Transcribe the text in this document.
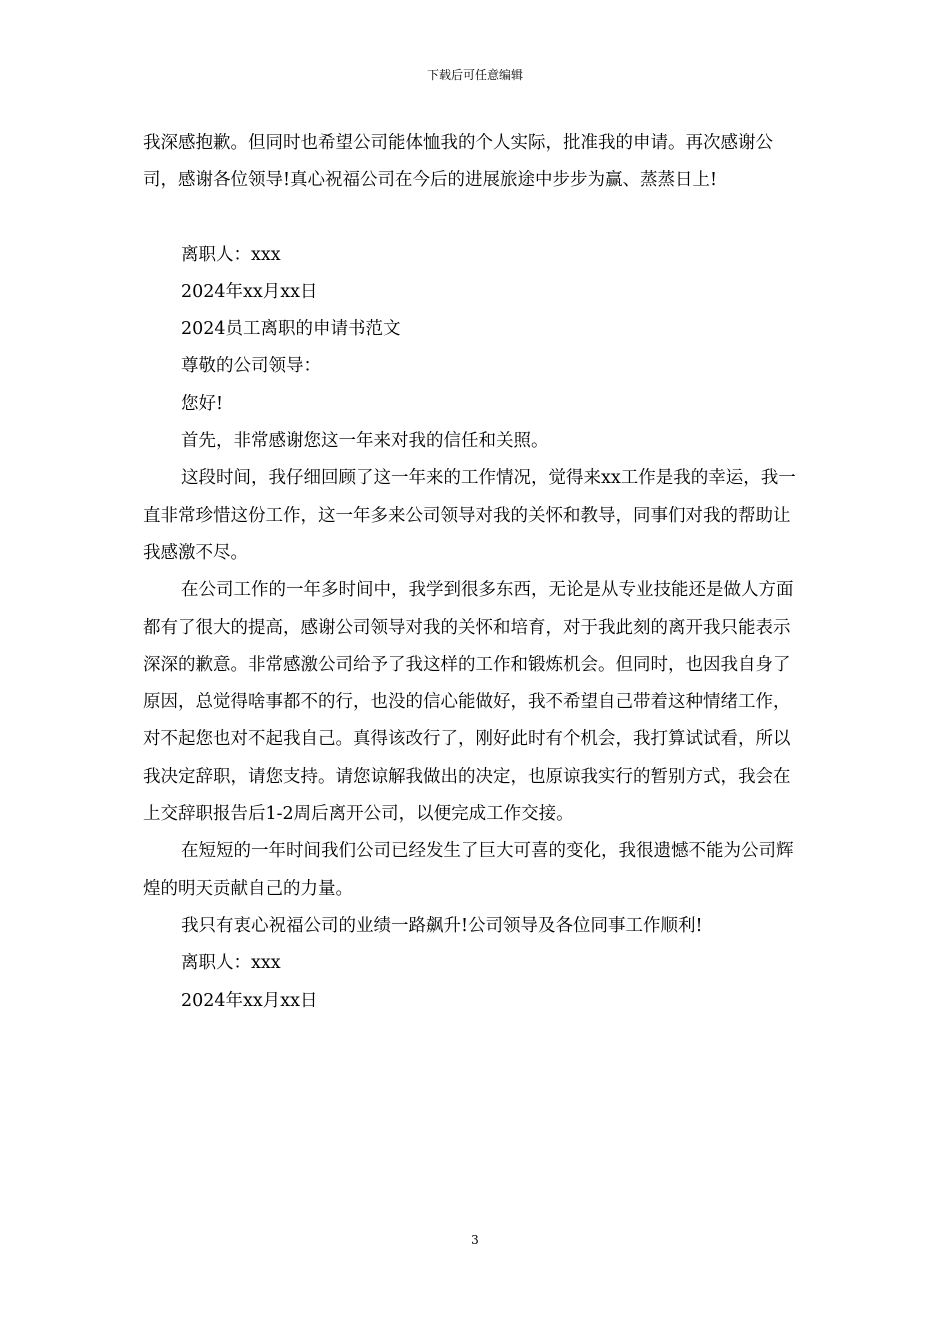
下载后可任意编辑

我深感抱歉。但同时也希望公司能体恤我的个人实际，批准我的申请。再次感谢公司，感谢各位领导!真心祝福公司在今后的进展旅途中步步为赢、蒸蒸日上!

离职人：xxx

2024年xx月xx日

2024员工离职的申请书范文

尊敬的公司领导：

您好!

首先，非常感谢您这一年来对我的信任和关照。

这段时间，我仔细回顾了这一年来的工作情况，觉得来xx工作是我的幸运，我一直非常珍惜这份工作，这一年多来公司领导对我的关怀和教导，同事们对我的帮助让我感激不尽。

在公司工作的一年多时间中，我学到很多东西，无论是从专业技能还是做人方面都有了很大的提高，感谢公司领导对我的关怀和培育，对于我此刻的离开我只能表示深深的歉意。非常感激公司给予了我这样的工作和锻炼机会。但同时，也因我自身了原因，总觉得啥事都不的行，也没的信心能做好，我不希望自己带着这种情绪工作，对不起您也对不起我自己。真得该改行了，刚好此时有个机会，我打算试试看，所以我决定辞职，请您支持。请您谅解我做出的决定，也原谅我实行的暂别方式，我会在上交辞职报告后1-2周后离开公司，以便完成工作交接。

在短短的一年时间我们公司已经发生了巨大可喜的变化，我很遗憾不能为公司辉煌的明天贡献自己的力量。

我只有衷心祝福公司的业绩一路飙升!公司领导及各位同事工作顺利!

离职人：xxx

2024年xx月xx日

3
